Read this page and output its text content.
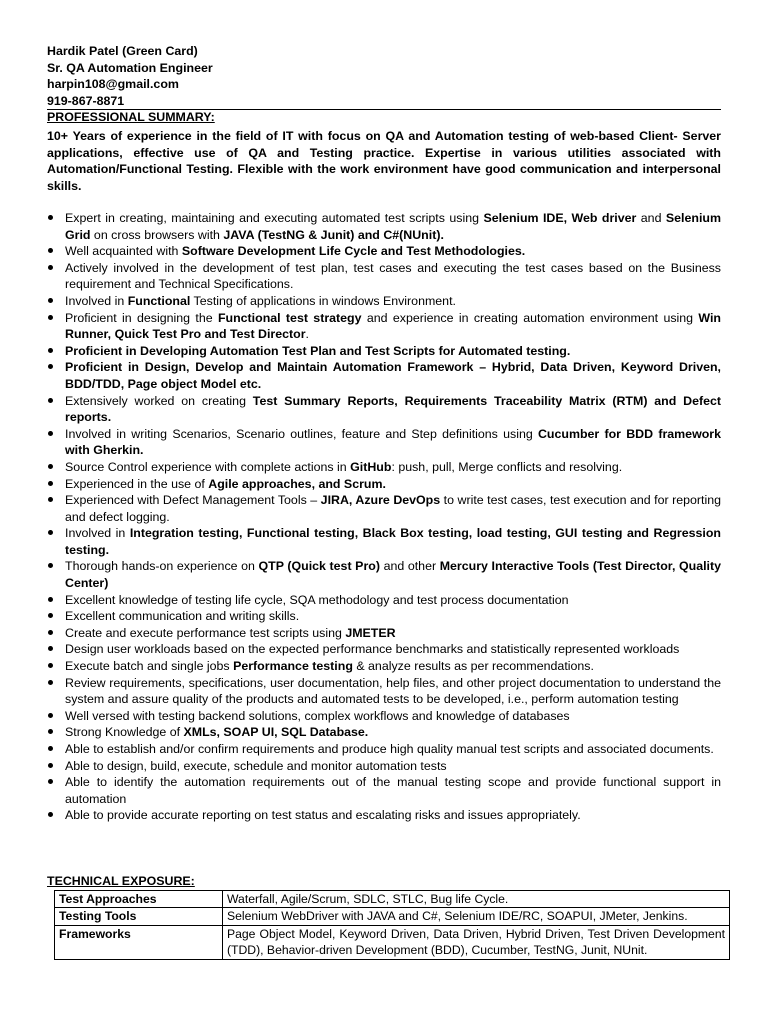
Hardik Patel (Green Card)
Sr. QA Automation Engineer
harpin108@gmail.com
919-867-8871
PROFESSIONAL SUMMARY:
10+ Years of experience in the field of IT with focus on QA and Automation testing of web-based Client- Server applications, effective use of QA and Testing practice. Expertise in various utilities associated with Automation/Functional Testing. Flexible with the work environment have good communication and interpersonal skills.
Expert in creating, maintaining and executing automated test scripts using Selenium IDE, Web driver and Selenium Grid on cross browsers with JAVA (TestNG & Junit) and C#(NUnit).
Well acquainted with Software Development Life Cycle and Test Methodologies.
Actively involved in the development of test plan, test cases and executing the test cases based on the Business requirement and Technical Specifications.
Involved in Functional Testing of applications in windows Environment.
Proficient in designing the Functional test strategy and experience in creating automation environment using Win Runner, Quick Test Pro and Test Director.
Proficient in Developing Automation Test Plan and Test Scripts for Automated testing.
Proficient in Design, Develop and Maintain Automation Framework – Hybrid, Data Driven, Keyword Driven, BDD/TDD, Page object Model etc.
Extensively worked on creating Test Summary Reports, Requirements Traceability Matrix (RTM) and Defect reports.
Involved in writing Scenarios, Scenario outlines, feature and Step definitions using Cucumber for BDD framework with Gherkin.
Source Control experience with complete actions in GitHub: push, pull, Merge conflicts and resolving.
Experienced in the use of Agile approaches, and Scrum.
Experienced with Defect Management Tools – JIRA, Azure DevOps to write test cases, test execution and for reporting and defect logging.
Involved in Integration testing, Functional testing, Black Box testing, load testing, GUI testing and Regression testing.
Thorough hands-on experience on QTP (Quick test Pro) and other Mercury Interactive Tools (Test Director, Quality Center)
Excellent knowledge of testing life cycle, SQA methodology and test process documentation
Excellent communication and writing skills.
Create and execute performance test scripts using JMETER
Design user workloads based on the expected performance benchmarks and statistically represented workloads
Execute batch and single jobs Performance testing & analyze results as per recommendations.
Review requirements, specifications, user documentation, help files, and other project documentation to understand the system and assure quality of the products and automated tests to be developed, i.e., perform automation testing
Well versed with testing backend solutions, complex workflows and knowledge of databases
Strong Knowledge of XMLs, SOAP UI, SQL Database.
Able to establish and/or confirm requirements and produce high quality manual test scripts and associated documents.
Able to design, build, execute, schedule and monitor automation tests
Able to identify the automation requirements out of the manual testing scope and provide functional support in automation
Able to provide accurate reporting on test status and escalating risks and issues appropriately.
TECHNICAL EXPOSURE:
Test Approaches	Waterfall, Agile/Scrum, SDLC, STLC, Bug life Cycle.
Testing Tools	Selenium WebDriver with JAVA and C#, Selenium IDE/RC, SOAPUI, JMeter, Jenkins.
Frameworks	Page Object Model, Keyword Driven, Data Driven, Hybrid Driven, Test Driven Development (TDD), Behavior-driven Development (BDD), Cucumber, TestNG, Junit, NUnit.
